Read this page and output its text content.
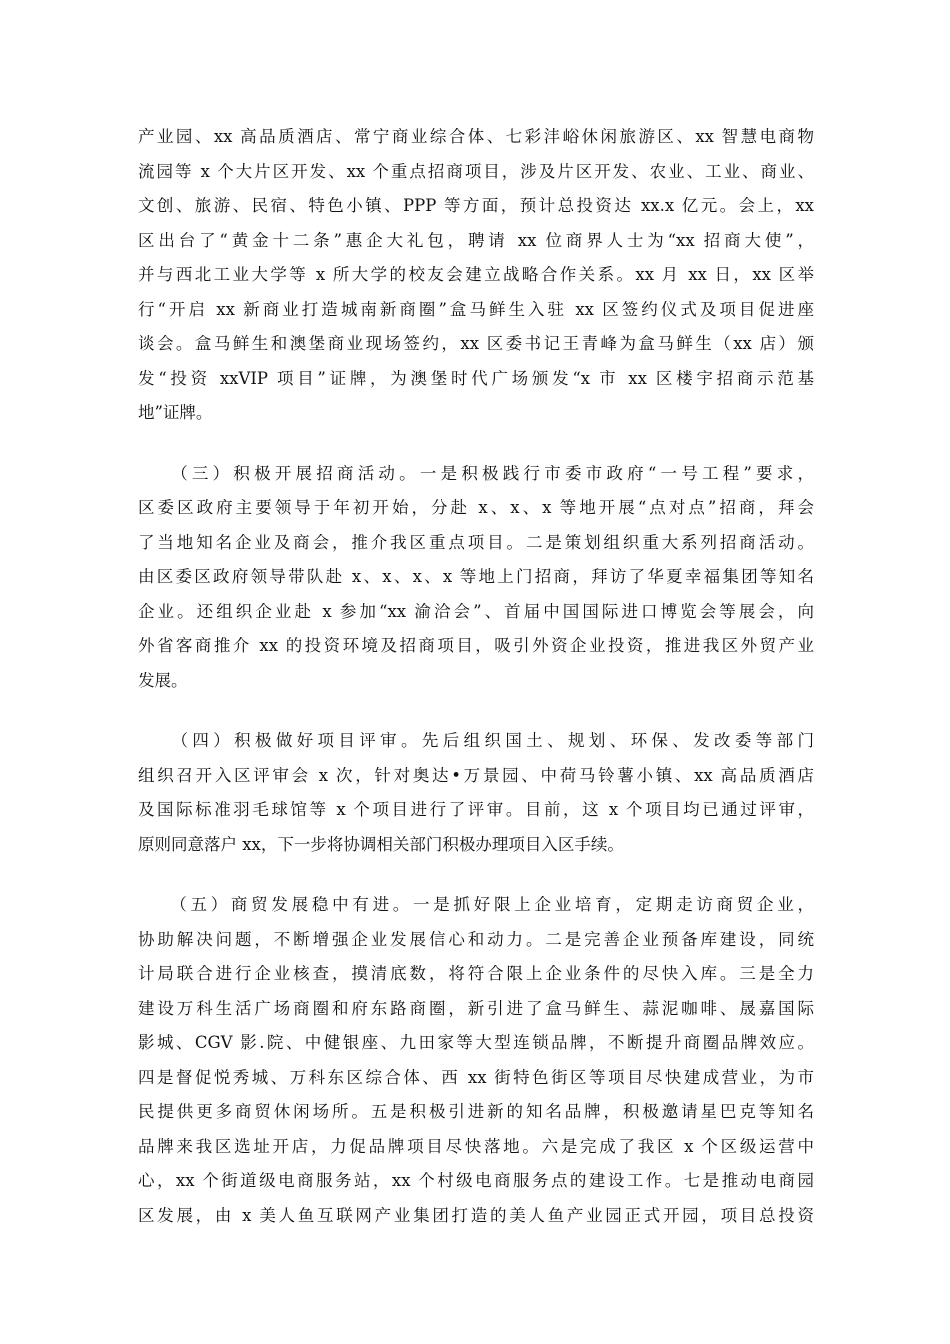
产业园、xx 高品质酒店、常宁商业综合体、七彩沣峪休闲旅游区、xx 智慧电商物
流园等 x 个大片区开发、xx 个重点招商项目，涉及片区开发、农业、工业、商业、
文创、旅游、民宿、特色小镇、PPP 等方面，预计总投资达 xx.x 亿元。会上，xx
区出台了“黄金十二条”惠企大礼包，聘请 xx 位商界人士为“xx 招商大使”，
并与西北工业大学等 x 所大学的校友会建立战略合作关系。xx 月 xx 日，xx 区举
行“开启 xx 新商业打造城南新商圈”盒马鲜生入驻 xx 区签约仪式及项目促进座
谈会。盒马鲜生和澳堡商业现场签约，xx 区委书记王青峰为盒马鲜生（xx 店）颁
发“投资 xxVIP 项目”证牌，为澳堡时代广场颁发“x 市 xx 区楼宇招商示范基
地”证牌。
　　（三）积极开展招商活动。一是积极践行市委市政府“一号工程”要求，
区委区政府主要领导于年初开始，分赴 x、x、x 等地开展“点对点”招商，拜会
了当地知名企业及商会，推介我区重点项目。二是策划组织重大系列招商活动。
由区委区政府领导带队赴 x、x、x、x 等地上门招商，拜访了华夏幸福集团等知名
企业。还组织企业赴 x 参加“xx 渝洽会”、首届中国国际进口博览会等展会，向
外省客商推介 xx 的投资环境及招商项目，吸引外资企业投资，推进我区外贸产业
发展。
　　（四）积极做好项目评审。先后组织国土、规划、环保、发改委等部门
组织召开入区评审会 x 次，针对奥达•万景园、中荷马铃薯小镇、xx 高品质酒店
及国际标准羽毛球馆等 x 个项目进行了评审。目前，这 x 个项目均已通过评审，
原则同意落户 xx，下一步将协调相关部门积极办理项目入区手续。
　　（五）商贸发展稳中有进。一是抓好限上企业培育，定期走访商贸企业，
协助解决问题，不断增强企业发展信心和动力。二是完善企业预备库建设，同统
计局联合进行企业核查，摸清底数，将符合限上企业条件的尽快入库。三是全力
建设万科生活广场商圈和府东路商圈，新引进了盒马鲜生、蒜泥咖啡、晟嘉国际
影城、CGV 影.院、中健银座、九田家等大型连锁品牌，不断提升商圈品牌效应。
四是督促悦秀城、万科东区综合体、西 xx 街特色街区等项目尽快建成营业，为市
民提供更多商贸休闲场所。五是积极引进新的知名品牌，积极邀请星巴克等知名
品牌来我区选址开店，力促品牌项目尽快落地。六是完成了我区 x 个区级运营中
心，xx 个街道级电商服务站，xx 个村级电商服务点的建设工作。七是推动电商园
区发展，由 x 美人鱼互联网产业集团打造的美人鱼产业园正式开园，项目总投资
